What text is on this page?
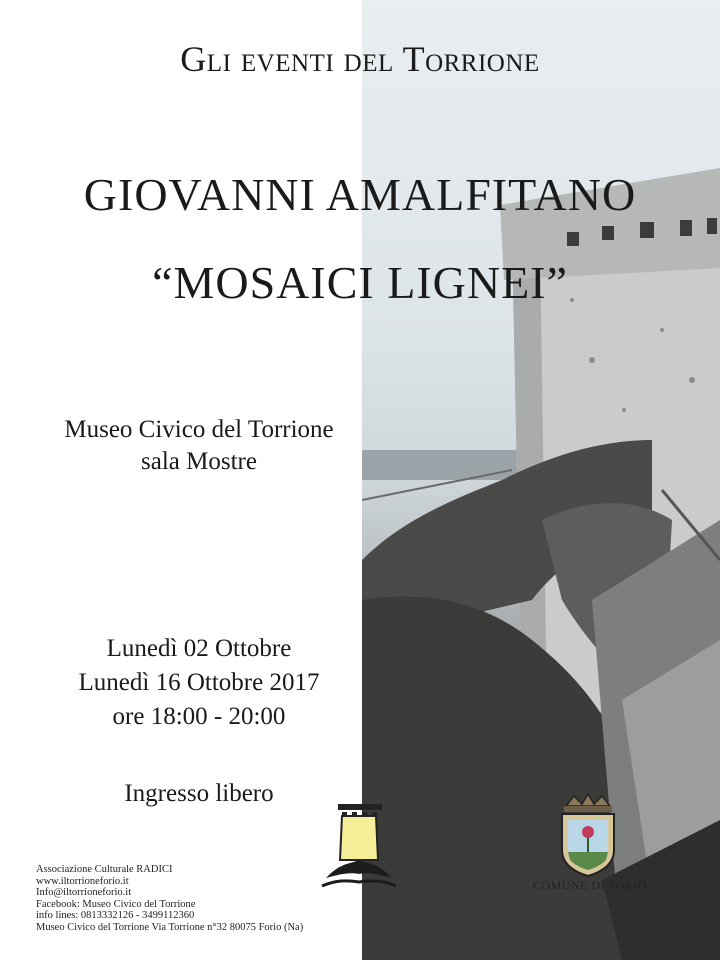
Gli eventi del Torrione
GIOVANNI AMALFITANO
“MOSAICI LIGNEI”
Museo Civico del Torrione
sala Mostre
Lunedì 02 Ottobre
Lunedì 16 Ottobre 2017
ore 18:00 - 20:00
Ingresso libero
Associazione Culturale RADICI
www.iltorrioneforio.it
Info@iltorrioneforio.it
Facebook: Museo Civico del Torrione
info lines: 0813332126 - 3499112360
Museo Civico del Torrione Via Torrione n°32 80075 Forio (Na)
COMUNE DI FORIO
